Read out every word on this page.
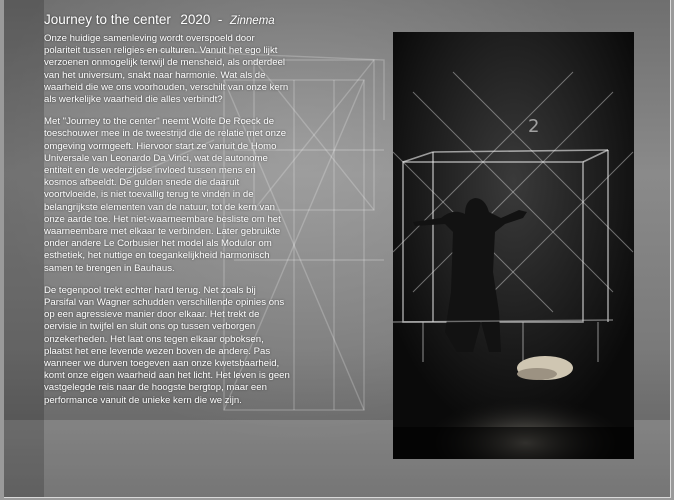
Journey to the center 2020 - Zinnema

Onze huidige samenleving wordt overspoeld door polariteit tussen religies en culturen. Vanuit het ego lijkt verzoenen onmogelijk terwijl de mensheid, als onderdeel van het universum, snakt naar harmonie. Wat als de waarheid die we ons voorhouden, verschilt van onze kern als werkelijke waarheid die alles verbindt?

Met "Journey to the center" neemt Wolfe De Roeck de toeschouwer mee in de tweestrijd die de relatie met onze omgeving vormgeeft. Hiervoor start ze vanuit de Homo Universale van Leonardo Da Vinci, wat de autonome entiteit en de wederzijdse invloed tussen mens en kosmos afbeeldt. De gulden snede die daaruit voortvloeide, is niet toevallig terug te vinden in de belangrijkste elementen van de natuur, tot de kern van onze aarde toe. Het niet-waarneembare besliste om het waarneembare met elkaar te verbinden. Later gebruikte onder andere Le Corbusier het model als Modulor om esthetiek, het nuttige en toegankelijkheid harmonisch samen te brengen in Bauhaus.

De tegenpool trekt echter hard terug. Net zoals bij Parsifal van Wagner schudden verschillende opinies ons op een agressieve manier door elkaar. Het trekt de oervisie in twijfel en sluit ons op tussen verborgen onzekerheden. Het laat ons tegen elkaar opboksen, plaatst het ene levende wezen boven de andere. Pas wanneer we durven toegeven aan onze kwetsbaarheid, komt onze eigen waarheid aan het licht. Het leven is geen vastgelegde reis naar de hoogste bergtop, maar een performance vanuit de unieke kern die we zijn.

2
